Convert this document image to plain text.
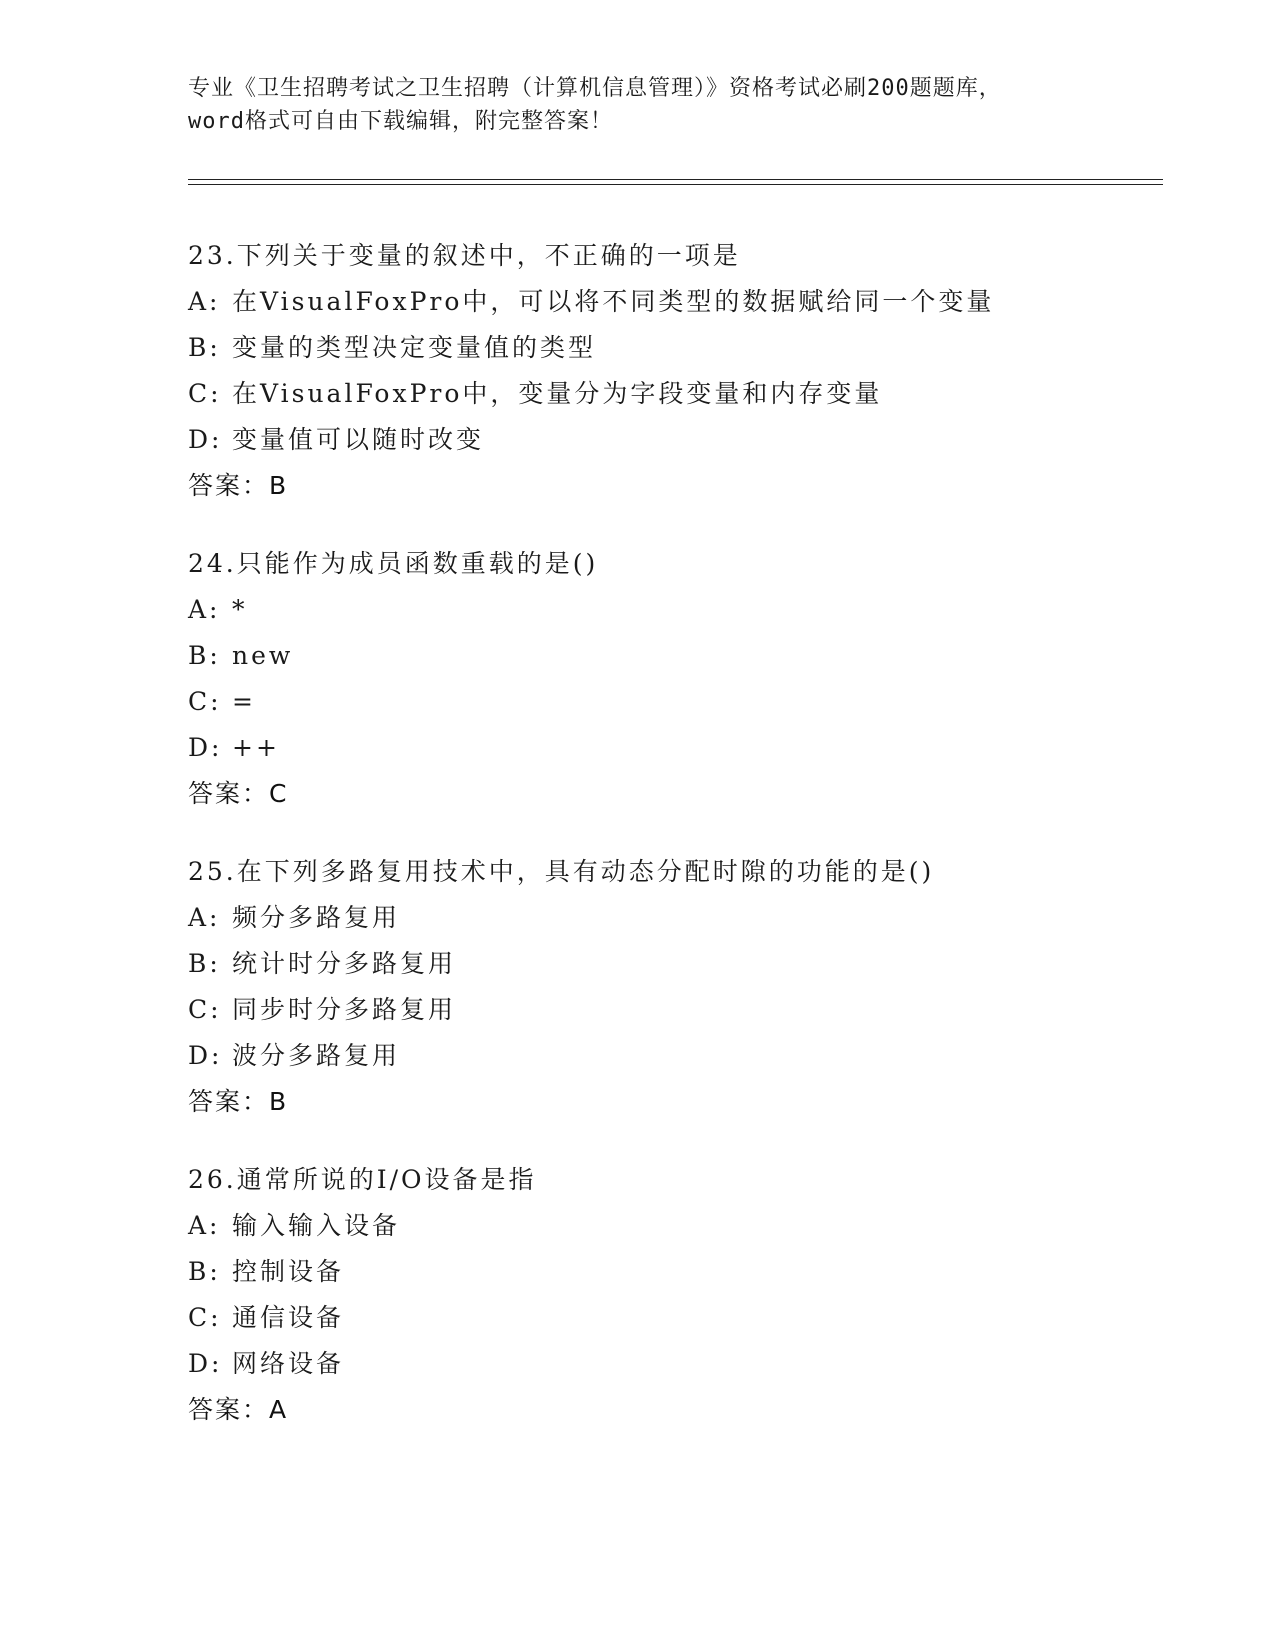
专业《卫生招聘考试之卫生招聘（计算机信息管理）》资格考试必刷200题题库，
word格式可自由下载编辑，附完整答案！
23.下列关于变量的叙述中，不正确的一项是
A: 在VisualFoxPro中，可以将不同类型的数据赋给同一个变量
B: 变量的类型决定变量值的类型
C: 在VisualFoxPro中，变量分为字段变量和内存变量
D: 变量值可以随时改变
答案：B
24.只能作为成员函数重载的是()
A: *
B: new
C: =
D: ++
答案：C
25.在下列多路复用技术中，具有动态分配时隙的功能的是()
A: 频分多路复用
B: 统计时分多路复用
C: 同步时分多路复用
D: 波分多路复用
答案：B
26.通常所说的I/O设备是指
A: 输入输入设备
B: 控制设备
C: 通信设备
D: 网络设备
答案：A
